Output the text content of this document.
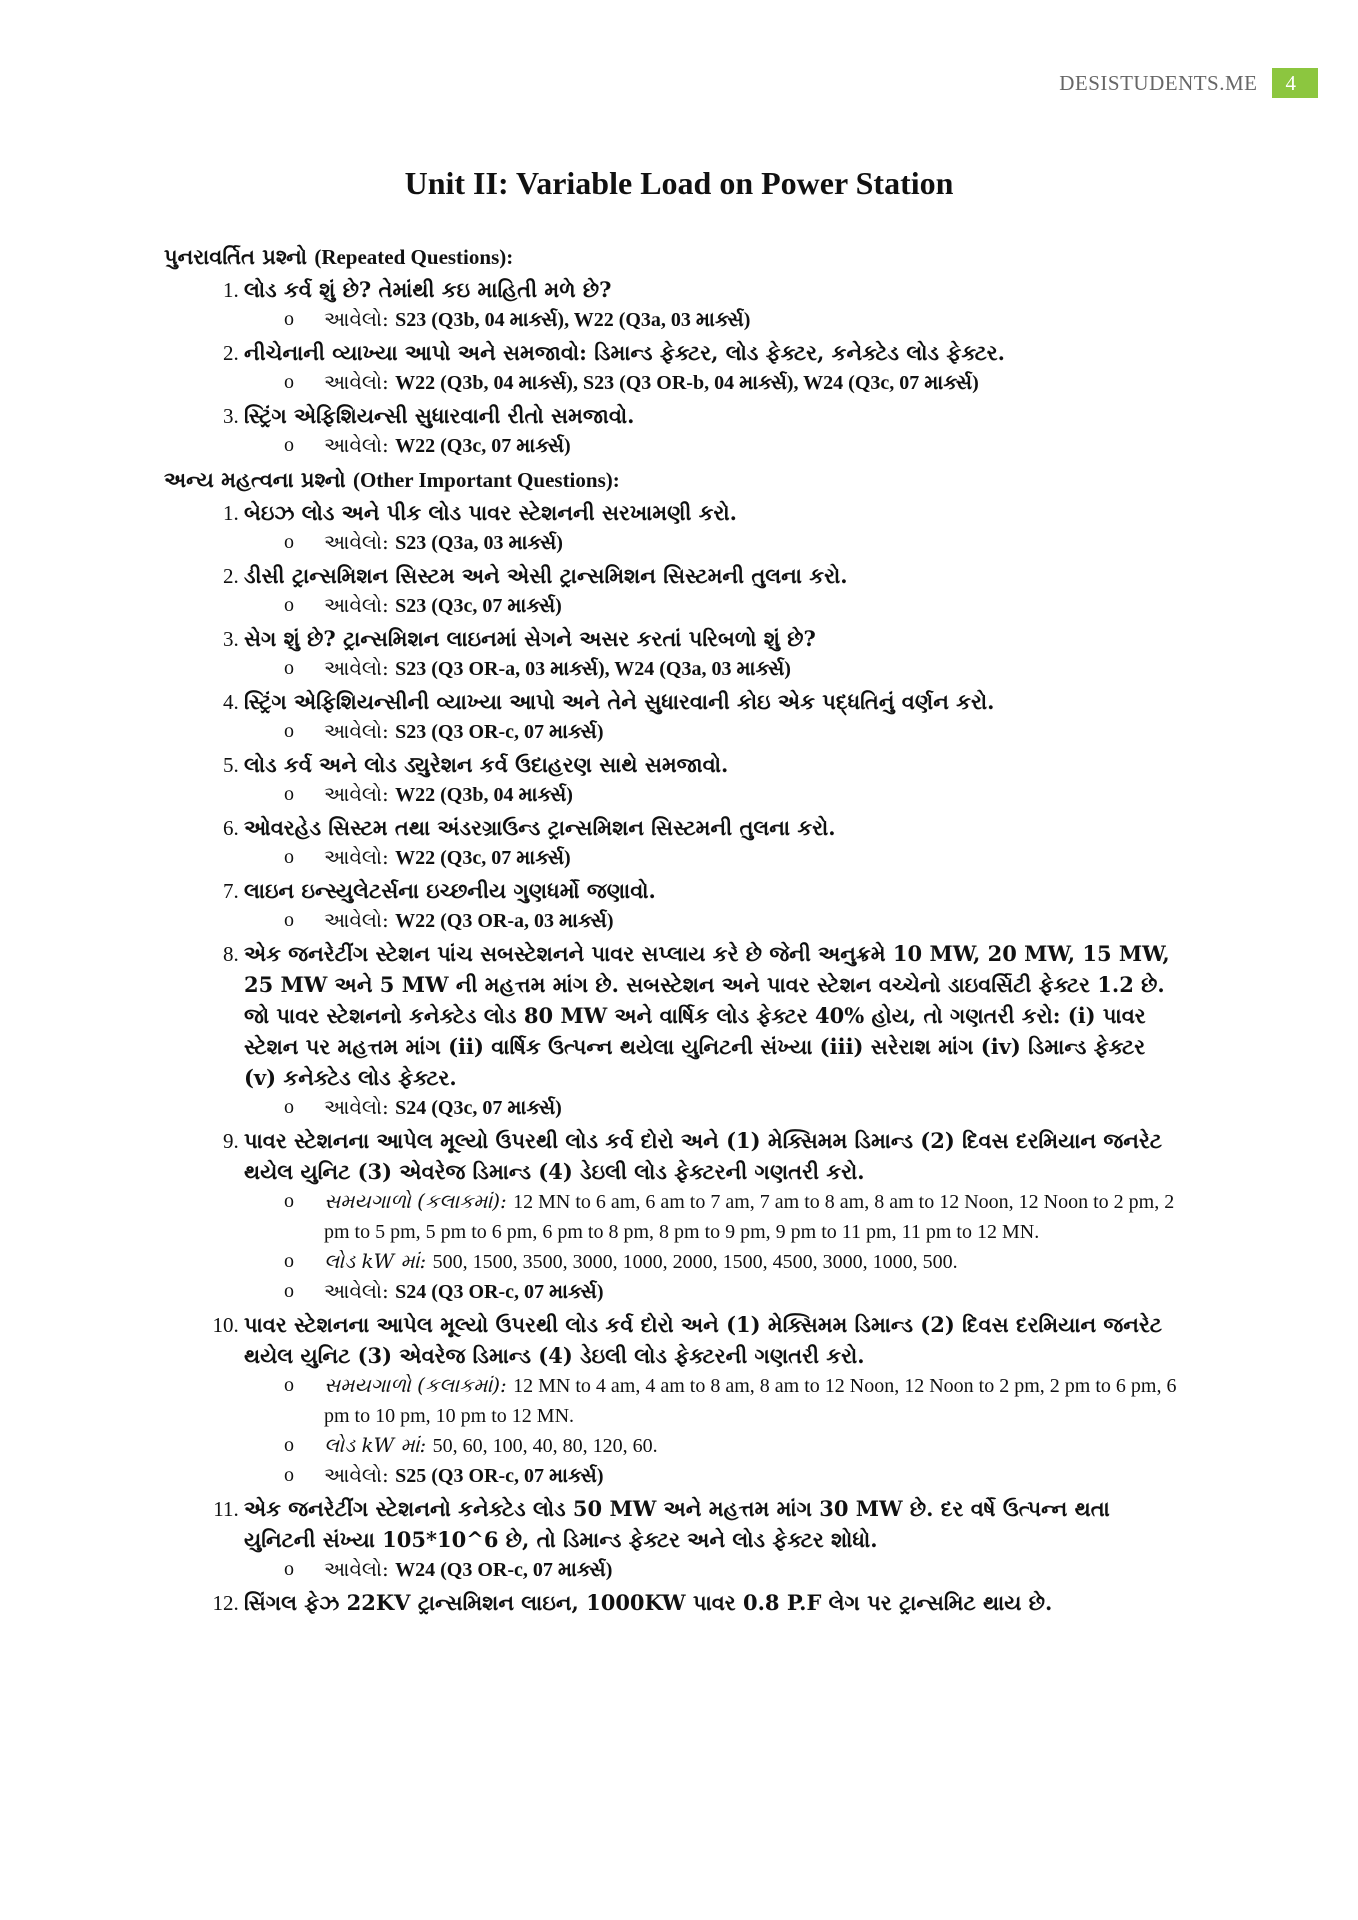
DESISTUDENTS.ME	4
Unit II: Variable Load on Power Station
પુનરાવર્તિત પ્રશ્નો (Repeated Questions):
1. લોડ કર્વ શું છે? તેમાંથી કઇ માહિતી મળે છે?
o આવેલો: S23 (Q3b, 04 માર્ક્સ), W22 (Q3a, 03 માર્ક્સ)
2. નીચેનાની વ્યાખ્યા આપો અને સમજાવો: ડિમાન્ડ ફેક્ટર, લોડ ફેક્ટર, કનેક્ટેડ લોડ ફેક્ટર.
o આવેલો: W22 (Q3b, 04 માર્ક્સ), S23 (Q3 OR-b, 04 માર્ક્સ), W24 (Q3c, 07 માર્ક્સ)
3. સ્ટ્રિંગ એફિશિયન્સી સુધારવાની રીતો સમજાવો.
o આવેલો: W22 (Q3c, 07 માર્ક્સ)
અન્ય મહત્વના પ્રશ્નો (Other Important Questions):
1. બેઇઝ લોડ અને પીક લોડ પાવર સ્ટેશનની સરખામણી કરો.
o આવેલો: S23 (Q3a, 03 માર્ક્સ)
2. ડીસી ટ્રાન્સમિશન સિસ્ટમ અને એસી ટ્રાન્સમિશન સિસ્ટમની તુલના કરો.
o આવેલો: S23 (Q3c, 07 માર્ક્સ)
3. સેગ શું છે? ટ્રાન્સમિશન લાઇનમાં સેગને અસર કરતાં પરિબળો શું છે?
o આવેલો: S23 (Q3 OR-a, 03 માર્ક્સ), W24 (Q3a, 03 માર્ક્સ)
4. સ્ટ્રિંગ એફિશિયન્સીની વ્યાખ્યા આપો અને તેને સુધારવાની કોઇ એક પદ્ધતિનું વર્ણન કરો.
o આવેલો: S23 (Q3 OR-c, 07 માર્ક્સ)
5. લોડ કર્વ અને લોડ ડ્યુરેશન કર્વ ઉદાહરણ સાથે સમજાવો.
o આવેલો: W22 (Q3b, 04 માર્ક્સ)
6. ઓવરહેડ સિસ્ટમ તથા અંડરગ્રાઉન્ડ ટ્રાન્સમિશન સિસ્ટમની તુલના કરો.
o આવેલો: W22 (Q3c, 07 માર્ક્સ)
7. લાઇન ઇન્સ્યુલેટર્સના ઇચ્છનીય ગુણધર્મો જણાવો.
o આવેલો: W22 (Q3 OR-a, 03 માર્ક્સ)
8. એક જનરેટીંગ સ્ટેશન પાંચ સબસ્ટેશનને પાવર સપ્લાય કરે છે જેની અનુક્રમે 10 MW, 20 MW, 15 MW, 25 MW અને 5 MW ની મહત્તમ માંગ છે. સબસ્ટેશન અને પાવર સ્ટેશન વચ્ચેનો ડાઇવર્સિટી ફેક્ટર 1.2 છે. જો પાવર સ્ટેશનનો કનેક્ટેડ લોડ 80 MW અને વાર્ષિક લોડ ફેક્ટર 40% હોય, તો ગણતરી કરો: (i) પાવર સ્ટેશન પર મહત્તમ માંગ (ii) વાર્ષિક ઉત્પન્ન થયેલા યુનિટની સંખ્યા (iii) સરેરાશ માંગ (iv) ડિમાન્ડ ફેક્ટર (v) કનેક્ટેડ લોડ ફેક્ટર.
o આવેલો: S24 (Q3c, 07 માર્ક્સ)
9. પાવર સ્ટેશનના આપેલ મૂલ્યો ઉપરથી લોડ કર્વ દોરો અને (1) મેક્સિમમ ડિમાન્ડ (2) દિવસ દરમિયાન જનરેટ થયેલ યુનિટ (3) એવરેજ ડિમાન્ડ (4) ડેઇલી લોડ ફેક્ટરની ગણતરી કરો.
o સમયગાળો (કલાકમાં): 12 MN to 6 am, 6 am to 7 am, 7 am to 8 am, 8 am to 12 Noon, 12 Noon to 2 pm, 2 pm to 5 pm, 5 pm to 6 pm, 6 pm to 8 pm, 8 pm to 9 pm, 9 pm to 11 pm, 11 pm to 12 MN.
o લોડ kW માં: 500, 1500, 3500, 3000, 1000, 2000, 1500, 4500, 3000, 1000, 500.
o આવેલો: S24 (Q3 OR-c, 07 માર્ક્સ)
10. પાવર સ્ટેશનના આપેલ મૂલ્યો ઉપરથી લોડ કર્વ દોરો અને (1) મેક્સિમમ ડિમાન્ડ (2) દિવસ દરમિયાન જનરેટ થયેલ યુનિટ (3) એવરેજ ડિમાન્ડ (4) ડેઇલી લોડ ફેક્ટરની ગણતરી કરો.
o સમયગાળો (કલાકમાં): 12 MN to 4 am, 4 am to 8 am, 8 am to 12 Noon, 12 Noon to 2 pm, 2 pm to 6 pm, 6 pm to 10 pm, 10 pm to 12 MN.
o લોડ kW માં: 50, 60, 100, 40, 80, 120, 60.
o આવેલો: S25 (Q3 OR-c, 07 માર્ક્સ)
11. એક જનરેટીંગ સ્ટેશનનો કનેક્ટેડ લોડ 50 MW અને મહત્તમ માંગ 30 MW છે. દર વર્ષે ઉત્પન્ન થતા યુનિટની સંખ્યા 105*10^6 છે, તો ડિમાન્ડ ફેક્ટર અને લોડ ફેક્ટર શોધો.
o આવેલો: W24 (Q3 OR-c, 07 માર્ક્સ)
12. સિંગલ ફેઝ 22KV ટ્રાન્સમિશન લાઇન, 1000KW પાવર 0.8 P.F લેગ પર ટ્રાન્સમિટ થાય છે.
